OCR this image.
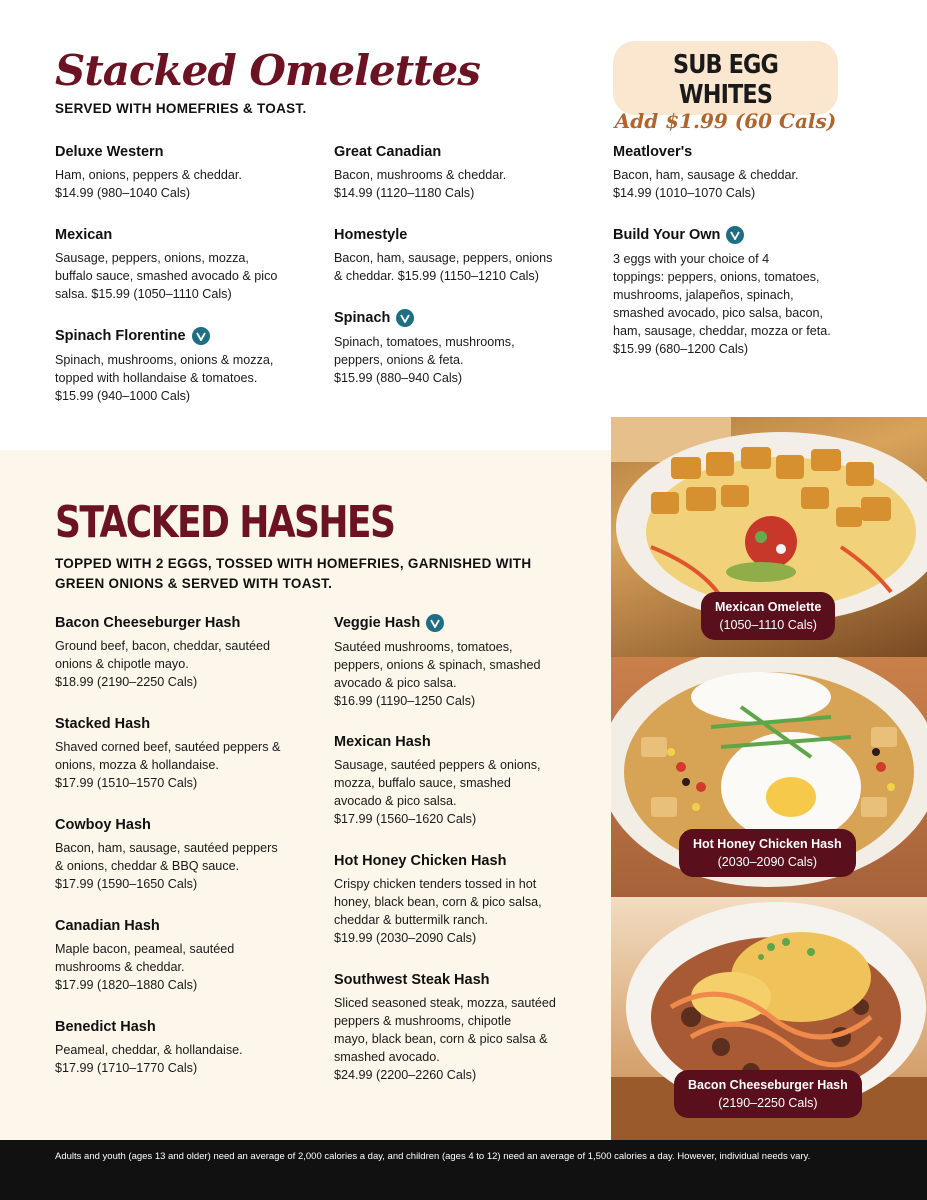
Stacked Omelettes
SERVED WITH HOMEFRIES & TOAST.
SUB EGG WHITES
Add $1.99 (60 Cals)
Deluxe Western
Ham, onions, peppers & cheddar.
$14.99 (980–1040 Cals)
Great Canadian
Bacon, mushrooms & cheddar.
$14.99 (1120–1180 Cals)
Meatlover's
Bacon, ham, sausage & cheddar.
$14.99 (1010–1070 Cals)
Mexican
Sausage, peppers, onions, mozza,
buffalo sauce, smashed avocado & pico
salsa. $15.99 (1050–1110 Cals)
Homestyle
Bacon, ham, sausage, peppers, onions
& cheddar. $15.99 (1150–1210 Cals)
Build Your Own
3 eggs with your choice of 4
toppings: peppers, onions, tomatoes,
mushrooms, jalapeños, spinach,
smashed avocado, pico salsa, bacon,
ham, sausage, cheddar, mozza or feta.
$15.99 (680–1200 Cals)
Spinach Florentine
Spinach, mushrooms, onions & mozza,
topped with hollandaise & tomatoes.
$15.99 (940–1000 Cals)
Spinach
Spinach, tomatoes, mushrooms,
peppers, onions & feta.
$15.99 (880–940 Cals)
STACKED HASHES
TOPPED WITH 2 EGGS, TOSSED WITH HOMEFRIES, GARNISHED WITH
GREEN ONIONS & SERVED WITH TOAST.
Bacon Cheeseburger Hash
Ground beef, bacon, cheddar, sautéed
onions & chipotle mayo.
$18.99 (2190–2250 Cals)
Stacked Hash
Shaved corned beef, sautéed peppers &
onions, mozza & hollandaise.
$17.99 (1510–1570 Cals)
Cowboy Hash
Bacon, ham, sausage, sautéed peppers
& onions, cheddar & BBQ sauce.
$17.99 (1590–1650 Cals)
Canadian Hash
Maple bacon, peameal, sautéed
mushrooms & cheddar.
$17.99 (1820–1880 Cals)
Benedict Hash
Peameal, cheddar, & hollandaise.
$17.99 (1710–1770 Cals)
Veggie Hash
Sautéed mushrooms, tomatoes,
peppers, onions & spinach, smashed
avocado & pico salsa.
$16.99 (1190–1250 Cals)
Mexican Hash
Sausage, sautéed peppers & onions,
mozza, buffalo sauce, smashed
avocado & pico salsa.
$17.99 (1560–1620 Cals)
Hot Honey Chicken Hash
Crispy chicken tenders tossed in hot
honey, black bean, corn & pico salsa,
cheddar & buttermilk ranch.
$19.99 (2030–2090 Cals)
Southwest Steak Hash
Sliced seasoned steak, mozza, sautéed
peppers & mushrooms, chipotle
mayo, black bean, corn & pico salsa &
smashed avocado.
$24.99 (2200–2260 Cals)
Mexican Omelette
(1050–1110 Cals)
Hot Honey Chicken Hash
(2030–2090 Cals)
Bacon Cheeseburger Hash
(2190–2250 Cals)
Adults and youth (ages 13 and older) need an average of 2,000 calories a day, and children (ages 4 to 12) need an average of 1,500 calories a day. However, individual needs vary.
